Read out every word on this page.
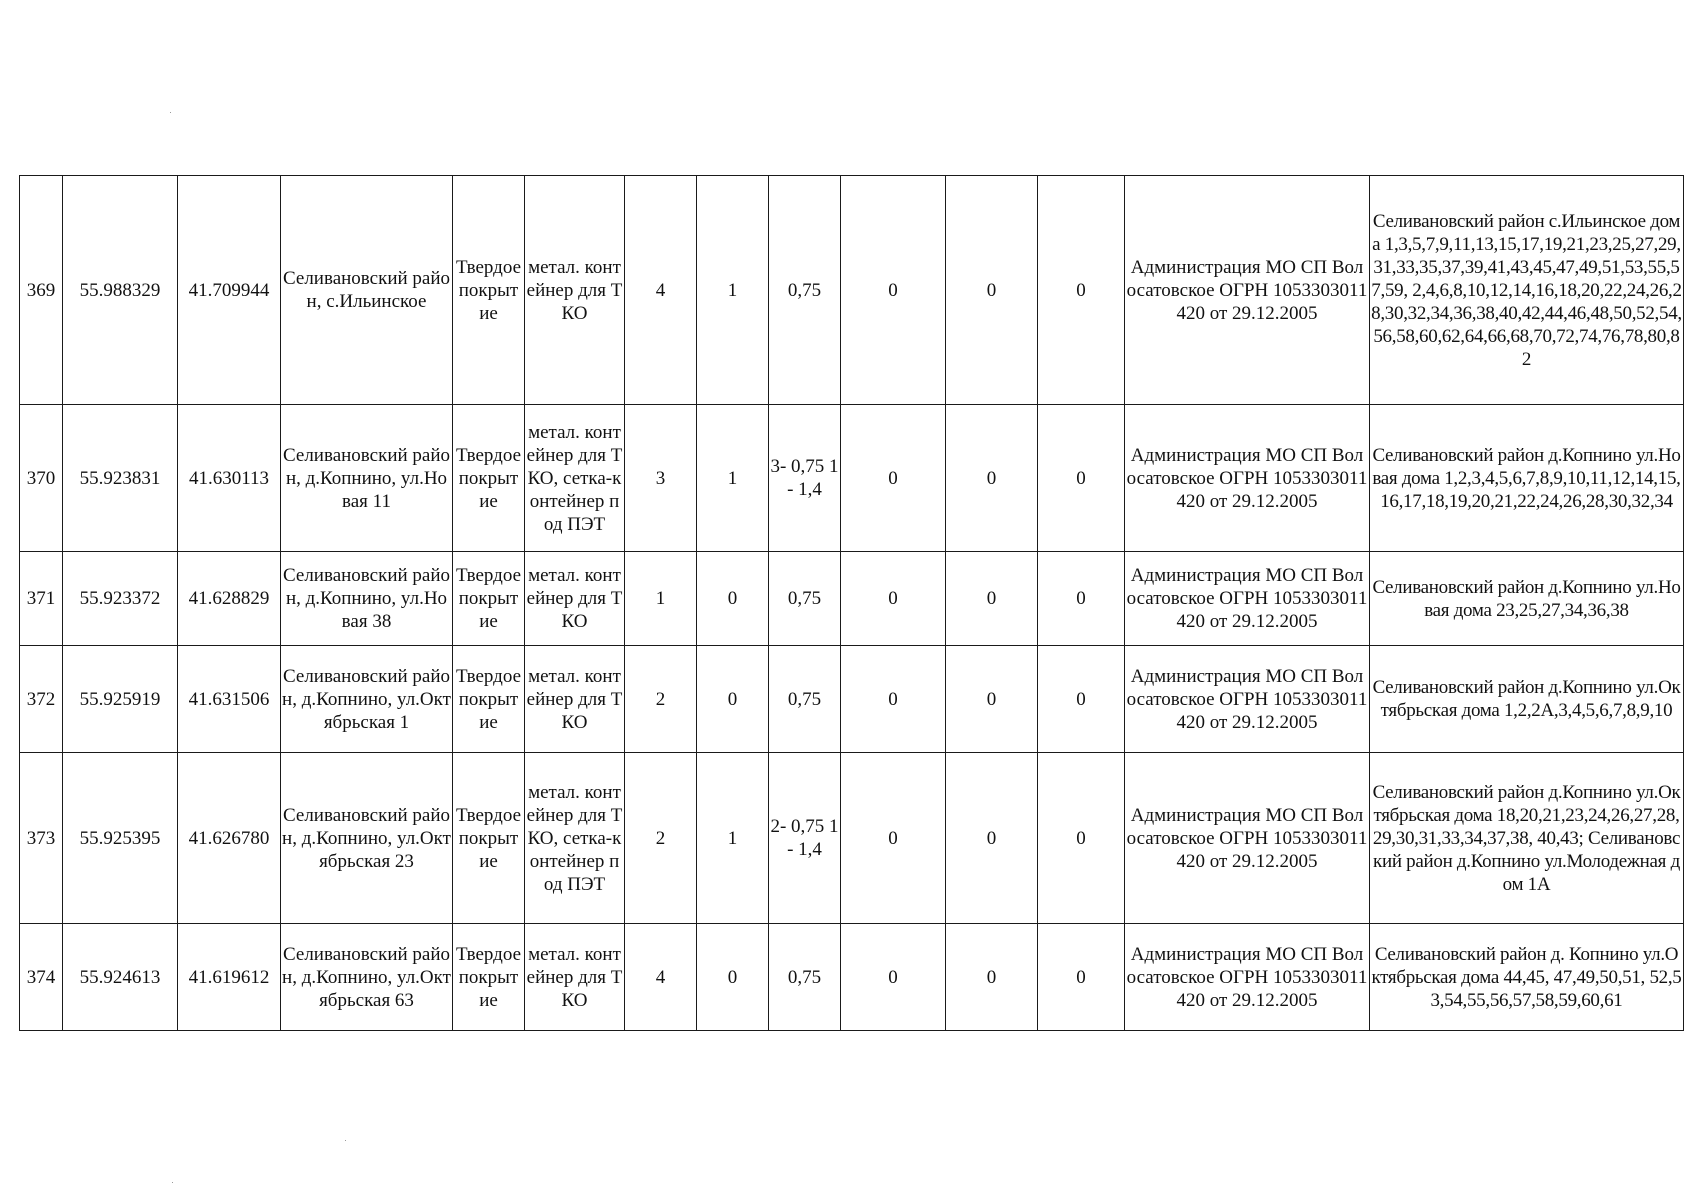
369	55.988329	41.709944	Селивановский район, с.Ильинское	Твердое покрытие	метал. контейнер для ТКО	4	1	0,75	0	0	0	Администрация МО СП Волосатовское ОГРН 1053303011420 от 29.12.2005	Селивановский район с.Ильинское дома 1,3,5,7,9,11,13,15,17,19,21,23,25,27,29,31,33,35,37,39,41,43,45,47,49,51,53,55,57,59, 2,4,6,8,10,12,14,16,18,20,22,24,26,28,30,32,34,36,38,40,42,44,46,48,50,52,54,56,58,60,62,64,66,68,70,72,74,76,78,80,82
370	55.923831	41.630113	Селивановский район, д.Копнино, ул.Новая 11	Твердое покрытие	метал. контейнер для ТКО, сетка-контейнер под ПЭТ	3	1	3- 0,75 1- 1,4	0	0	0	Администрация МО СП Волосатовское ОГРН 1053303011420 от 29.12.2005	Селивановский район д.Копнино ул.Новая дома 1,2,3,4,5,6,7,8,9,10,11,12,14,15,16,17,18,19,20,21,22,24,26,28,30,32,34
371	55.923372	41.628829	Селивановский район, д.Копнино, ул.Новая 38	Твердое покрытие	метал. контейнер для ТКО	1	0	0,75	0	0	0	Администрация МО СП Волосатовское ОГРН 1053303011420 от 29.12.2005	Селивановский район д.Копнино ул.Новая дома 23,25,27,34,36,38
372	55.925919	41.631506	Селивановский район, д.Копнино, ул.Октябрьская 1	Твердое покрытие	метал. контейнер для ТКО	2	0	0,75	0	0	0	Администрация МО СП Волосатовское ОГРН 1053303011420 от 29.12.2005	Селивановский район д.Копнино ул.Октябрьская дома 1,2,2А,3,4,5,6,7,8,9,10
373	55.925395	41.626780	Селивановский район, д.Копнино, ул.Октябрьская 23	Твердое покрытие	метал. контейнер для ТКО, сетка-контейнер под ПЭТ	2	1	2- 0,75 1- 1,4	0	0	0	Администрация МО СП Волосатовское ОГРН 1053303011420 от 29.12.2005	Селивановский район д.Копнино ул.Октябрьская дома 18,20,21,23,24,26,27,28,29,30,31,33,34,37,38, 40,43; Селивановский район д.Копнино ул.Молодежная дом 1А
374	55.924613	41.619612	Селивановский район, д.Копнино, ул.Октябрьская 63	Твердое покрытие	метал. контейнер для ТКО	4	0	0,75	0	0	0	Администрация МО СП Волосатовское ОГРН 1053303011420 от 29.12.2005	Селивановский район д. Копнино ул.Октябрьская дома 44,45, 47,49,50,51, 52,53,54,55,56,57,58,59,60,61
